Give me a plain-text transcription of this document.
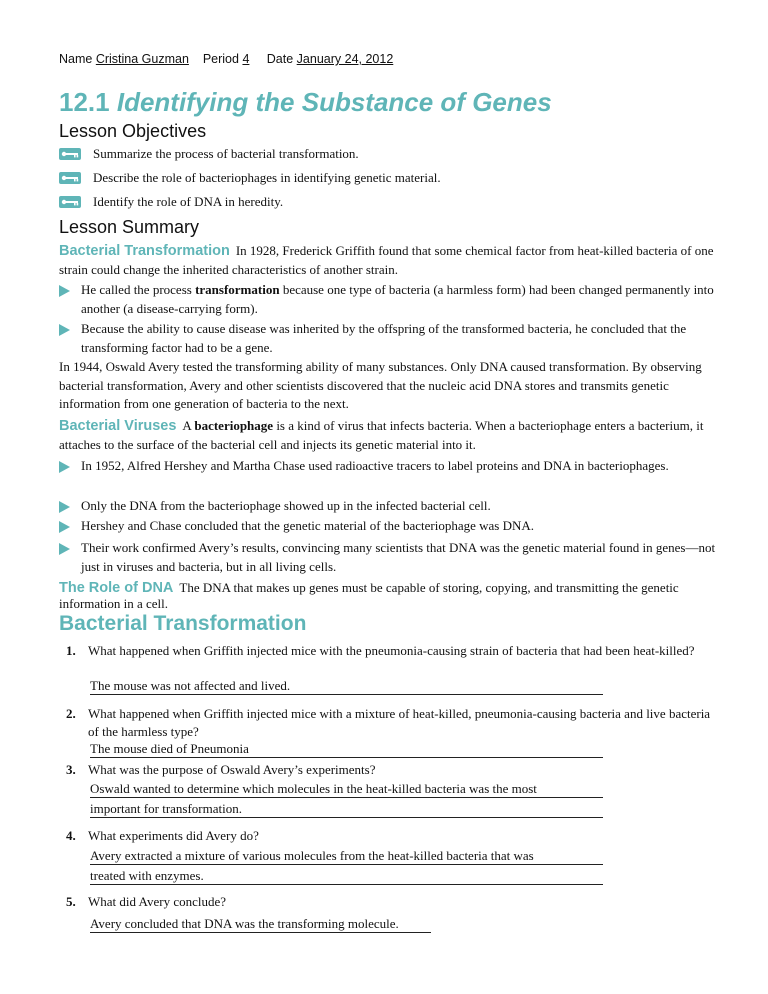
Name Cristina Guzman Period 4 Date January 24, 2012
12.1 Identifying the Substance of Genes
Lesson Objectives
Summarize the process of bacterial transformation.
Describe the role of bacteriophages in identifying genetic material.
Identify the role of DNA in heredity.
Lesson Summary
Bacterial Transformation In 1928, Frederick Griffith found that some chemical factor from heat-killed bacteria of one strain could change the inherited characteristics of another strain.
He called the process transformation because one type of bacteria (a harmless form) had been changed permanently into another (a disease-carrying form).
Because the ability to cause disease was inherited by the offspring of the transformed bacteria, he concluded that the transforming factor had to be a gene.
In 1944, Oswald Avery tested the transforming ability of many substances. Only DNA caused transformation. By observing bacterial transformation, Avery and other scientists discovered that the nucleic acid DNA stores and transmits genetic information from one generation of bacteria to the next.
Bacterial Viruses A bacteriophage is a kind of virus that infects bacteria. When a bacteriophage enters a bacterium, it attaches to the surface of the bacterial cell and injects its genetic material into it.
In 1952, Alfred Hershey and Martha Chase used radioactive tracers to label proteins and DNA in bacteriophages.
Only the DNA from the bacteriophage showed up in the infected bacterial cell.
Hershey and Chase concluded that the genetic material of the bacteriophage was DNA.
Their work confirmed Avery’s results, convincing many scientists that DNA was the genetic material found in genes—not just in viruses and bacteria, but in all living cells.
The Role of DNA The DNA that makes up genes must be capable of storing, copying, and transmitting the genetic information in a cell.
Bacterial Transformation
1. What happened when Griffith injected mice with the pneumonia-causing strain of bacteria that had been heat-killed?
The mouse was not affected and lived.
2. What happened when Griffith injected mice with a mixture of heat-killed, pneumonia-causing bacteria and live bacteria of the harmless type?
The mouse died of Pneumonia
3. What was the purpose of Oswald Avery’s experiments?
Oswald wanted to determine which molecules in the heat-killed bacteria was the most
important for transformation.
4. What experiments did Avery do?
Avery extracted a mixture of various molecules from the heat-killed bacteria that was
treated with enzymes.
5. What did Avery conclude?
Avery concluded that DNA was the transforming molecule.
